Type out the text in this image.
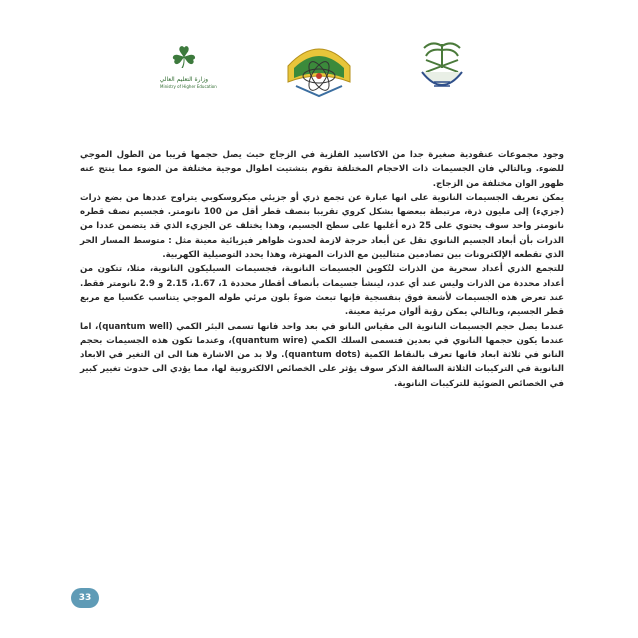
☘
وزارة التعليم العالي
Ministry of Higher Education

وجود مجموعات عنقودية صغيرة جدا من الاكاسيد الفلزية في الزجاج حيث يصل حجمها قريبا من الطول الموجي للضوء. وبالتالي فان الجسيمات ذات الاحجام المختلفة تقوم بتشتيت اطوال موجية مختلفة من الضوء مما ينتج عنه ظهور الوان مختلفة من الزجاج.

يمكن تعريف الجسيمات النانوية على انها عبارة عن تجمع ذري أو جزيئي ميكروسكوبي يتراوح عددها من بضع ذرات (جزيء) إلى مليون ذرة، مرتبطة ببعضها بشكل كروي تقريبا بنصف قطر أقل من 100 نانومتر. فجسيم نصف قطره نانومتر واحد سوف يحتوي على 25 ذره أغلبها على سطح الجسيم، وهذا يختلف عن الجزيء الذي قد يتضمن عددا من الذرات بأن أبعاد الجسيم النانوي تقل عن أبعاد حرجة لازمة لحدوث ظواهر فيزيائية معينة مثل : متوسط المسار الحر الذي تقطعه الإلكترونات بين تصادمين متتاليين مع الذرات المهتزة، وهذا يحدد التوصيلية الكهربية.

للتجمع الذري أعداد سحرية من الذرات لتُكوين الجسيمات النانوية، فجسيمات السيليكون النانوية، مثلا، تتكون من أعداد محددة من الذرات وليس عند أي عدد، لينشأ جسيمات بأنصاف أقطار محددة 1، 1.67، 2.15 و 2.9 نانومتر فقط. عند تعرض هذه الجسيمات لأشعة فوق بنفسجية فإنها تبعث ضوءً بلون مرئي طوله الموجي يتناسب عكسيا مع مربع قطر الجسيم، وبالتالي يمكن رؤية ألوان مرئية معينة.

عندما يصل حجم الجسيمات النانوية الى مقياس النانو في بعد واحد فانها تسمى البئر الكمي (quantum well)، اما عندما يكون حجمها النانوي في بعدين فتسمى السلك الكمي (quantum wire)، وعندما تكون هذه الجسيمات بحجم النانو في ثلاثة ابعاد فانها تعرف بالنقاط الكمية (quantum dots). ولا بد من الاشارة هنا الى ان التغير في الابعاد النانوية في التركيبات الثلاثة السالفة الذكر سوف يؤثر على الخصائص الالكترونية لها، مما يؤدي الى حدوث تغيير كبير في الخصائص الضوئية للتركيبات النانوية.

33
